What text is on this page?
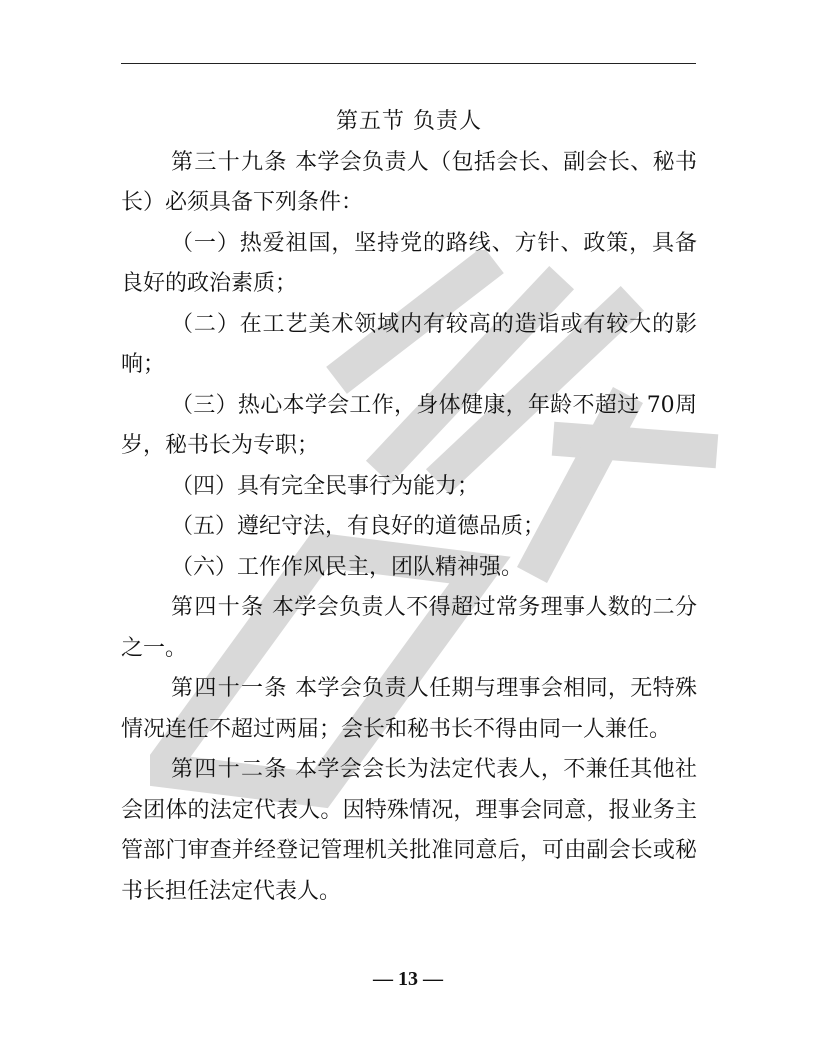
第五节 负责人

第三十九条 本学会负责人（包括会长、副会长、秘书长）必须具备下列条件：

（一）热爱祖国，坚持党的路线、方针、政策，具备良好的政治素质；

（二）在工艺美术领域内有较高的造诣或有较大的影响；

（三）热心本学会工作，身体健康，年龄不超过 70周岁，秘书长为专职；

（四）具有完全民事行为能力；

（五）遵纪守法，有良好的道德品质；

（六）工作作风民主，团队精神强。

第四十条 本学会负责人不得超过常务理事人数的二分之一。

第四十一条 本学会负责人任期与理事会相同，无特殊情况连任不超过两届；会长和秘书长不得由同一人兼任。

第四十二条 本学会会长为法定代表人，不兼任其他社会团体的法定代表人。因特殊情况，理事会同意，报业务主管部门审查并经登记管理机关批准同意后，可由副会长或秘书长担任法定代表人。

— 13 —
